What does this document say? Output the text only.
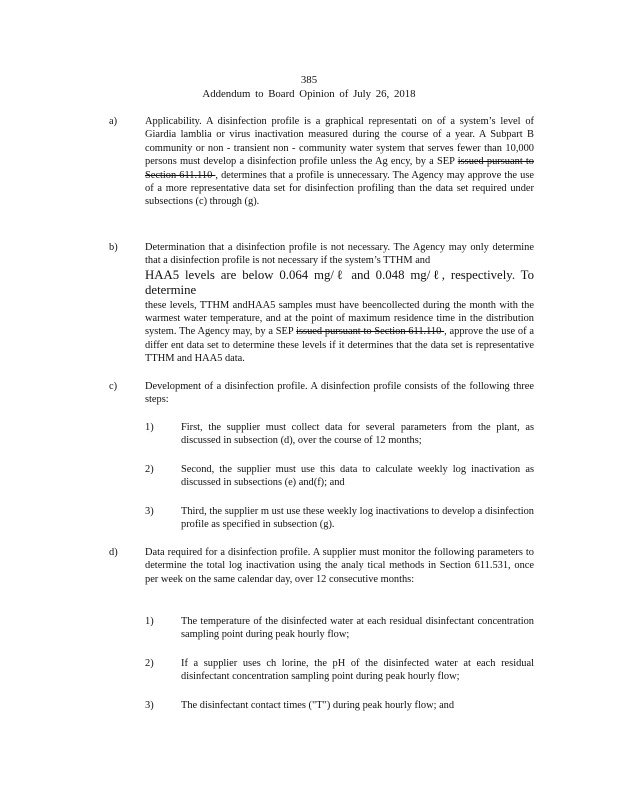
385
Addendum to Board Opinion of July 26, 2018
a)	Applicability. A disinfection profile is a graphical representati on of a system’s level of Giardia lamblia or virus inactivation measured during the course of a year. A Subpart B community or non - transient non - community water system that serves fewer than 10,000 persons must develop a disinfection profile unless the Ag ency, by a SEP issued pursuant to Section 611.110 , determines that a profile is unnecessary. The Agency may approve the use of a more representative data set for disinfection profiling than the data set required under subsections (c) through (g).
b)	Determination that a disinfection profile is not necessary. The Agency may only determine that a disinfection profile is not necessary if the system’s TTHM and
HAA5 levels are below 0.064 mg/ℓ and 0.048 mg/ℓ, respectively. To determine
these levels, TTHM andHAA5 samples must have beencollected during the month with the warmest water temperature, and at the point of maximum residence time in the distribution system. The Agency may, by a SEP issued pursuant to Section 611.110 , approve the use of a differ ent data set to determine these levels if it determines that the data set is representative TTHM and HAA5 data.
c)	Development of a disinfection profile. A disinfection profile consists of the following three steps:
1)	First, the supplier must collect data for several parameters from the plant, as discussed in subsection (d), over the course of 12 months;
2)	Second, the supplier must use this data to calculate weekly log inactivation as discussed in subsections (e) and(f); and
3)	Third, the supplier m ust use these weekly log inactivations to develop a disinfection profile as specified in subsection (g).
d)	Data required for a disinfection profile. A supplier must monitor the following parameters to determine the total log inactivation using the analy tical methods in Section 611.531, once per week on the same calendar day, over 12 consecutive months:
1)	The temperature of the disinfected water at each residual disinfectant concentration sampling point during peak hourly flow;
2)	If a supplier uses ch lorine, the pH of the disinfected water at each residual disinfectant concentration sampling point during peak hourly flow;
3)	The disinfectant contact times ("T") during peak hourly flow; and
